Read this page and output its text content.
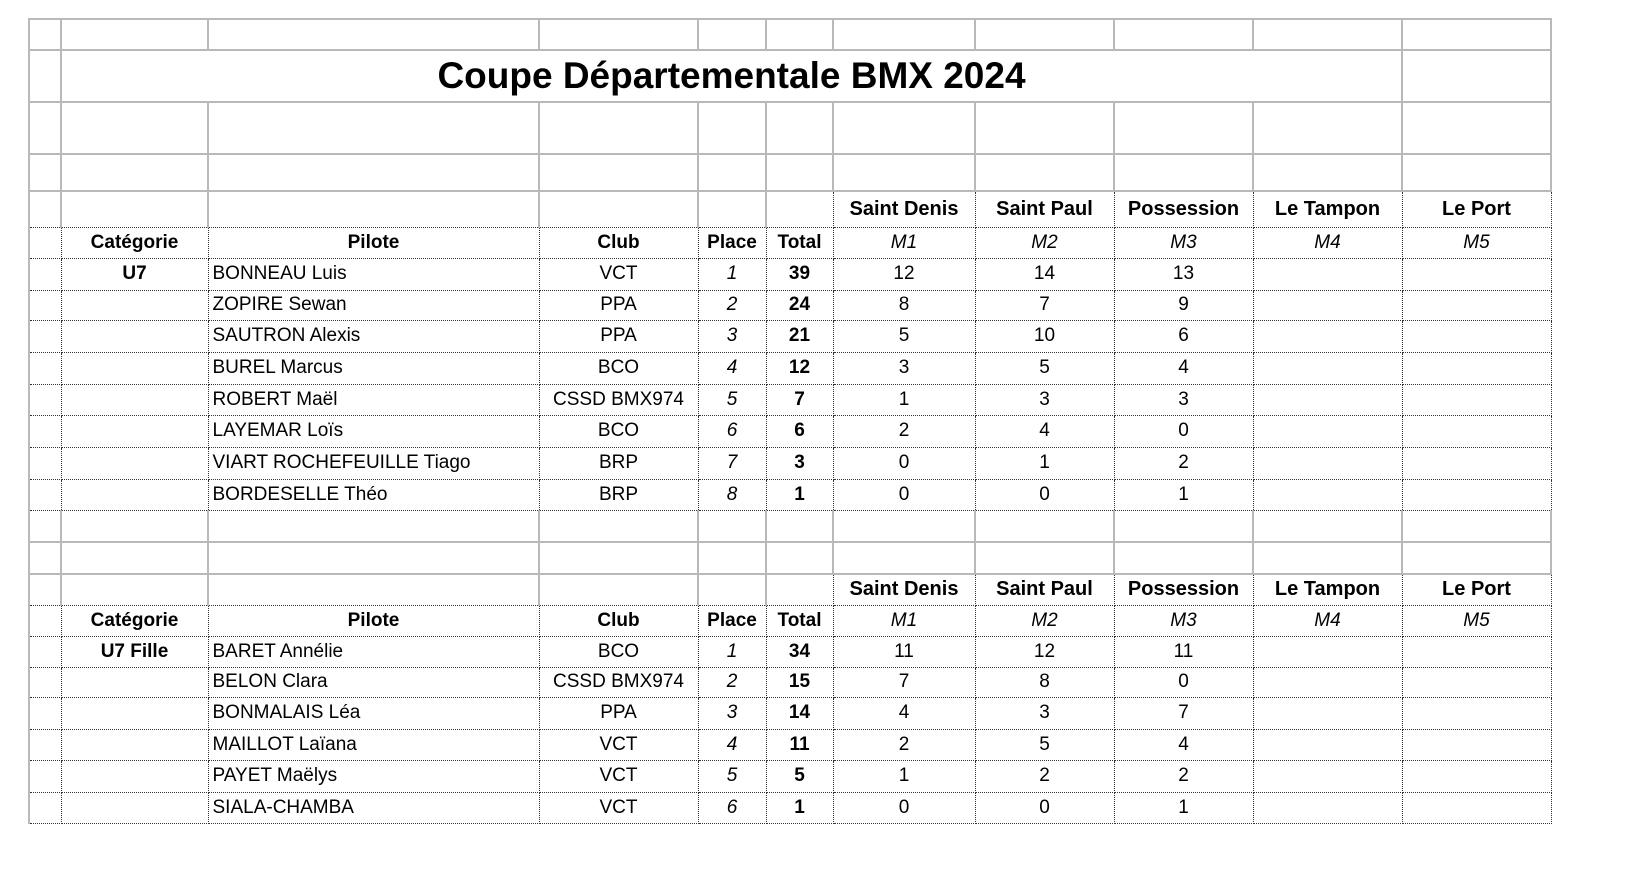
	Coupe Départementale BMX 2024									

						Saint Denis	Saint Paul	Possession	Le Tampon	Le Port
	Catégorie	Pilote	Club	Place	Total	M1	M2	M3	M4	M5
	U7	BONNEAU Luis	VCT	1	39	12	14	13		
		ZOPIRE Sewan	PPA	2	24	8	7	9		
		SAUTRON Alexis	PPA	3	21	5	10	6		
		BUREL Marcus	BCO	4	12	3	5	4		
		ROBERT Maël	CSSD BMX974	5	7	1	3	3		
		LAYEMAR Loïs	BCO	6	6	2	4	0		
		VIART ROCHEFEUILLE Tiago	BRP	7	3	0	1	2		
		BORDESELLE Théo	BRP	8	1	0	0	1		

						Saint Denis	Saint Paul	Possession	Le Tampon	Le Port
	Catégorie	Pilote	Club	Place	Total	M1	M2	M3	M4	M5
	U7 Fille	BARET Annélie	BCO	1	34	11	12	11		
		BELON Clara	CSSD BMX974	2	15	7	8	0		
		BONMALAIS Léa	PPA	3	14	4	3	7		
		MAILLOT Laïana	VCT	4	11	2	5	4		
		PAYET Maëlys	VCT	5	5	1	2	2		
		SIALA-CHAMBA	VCT	6	1	0	0	1		
